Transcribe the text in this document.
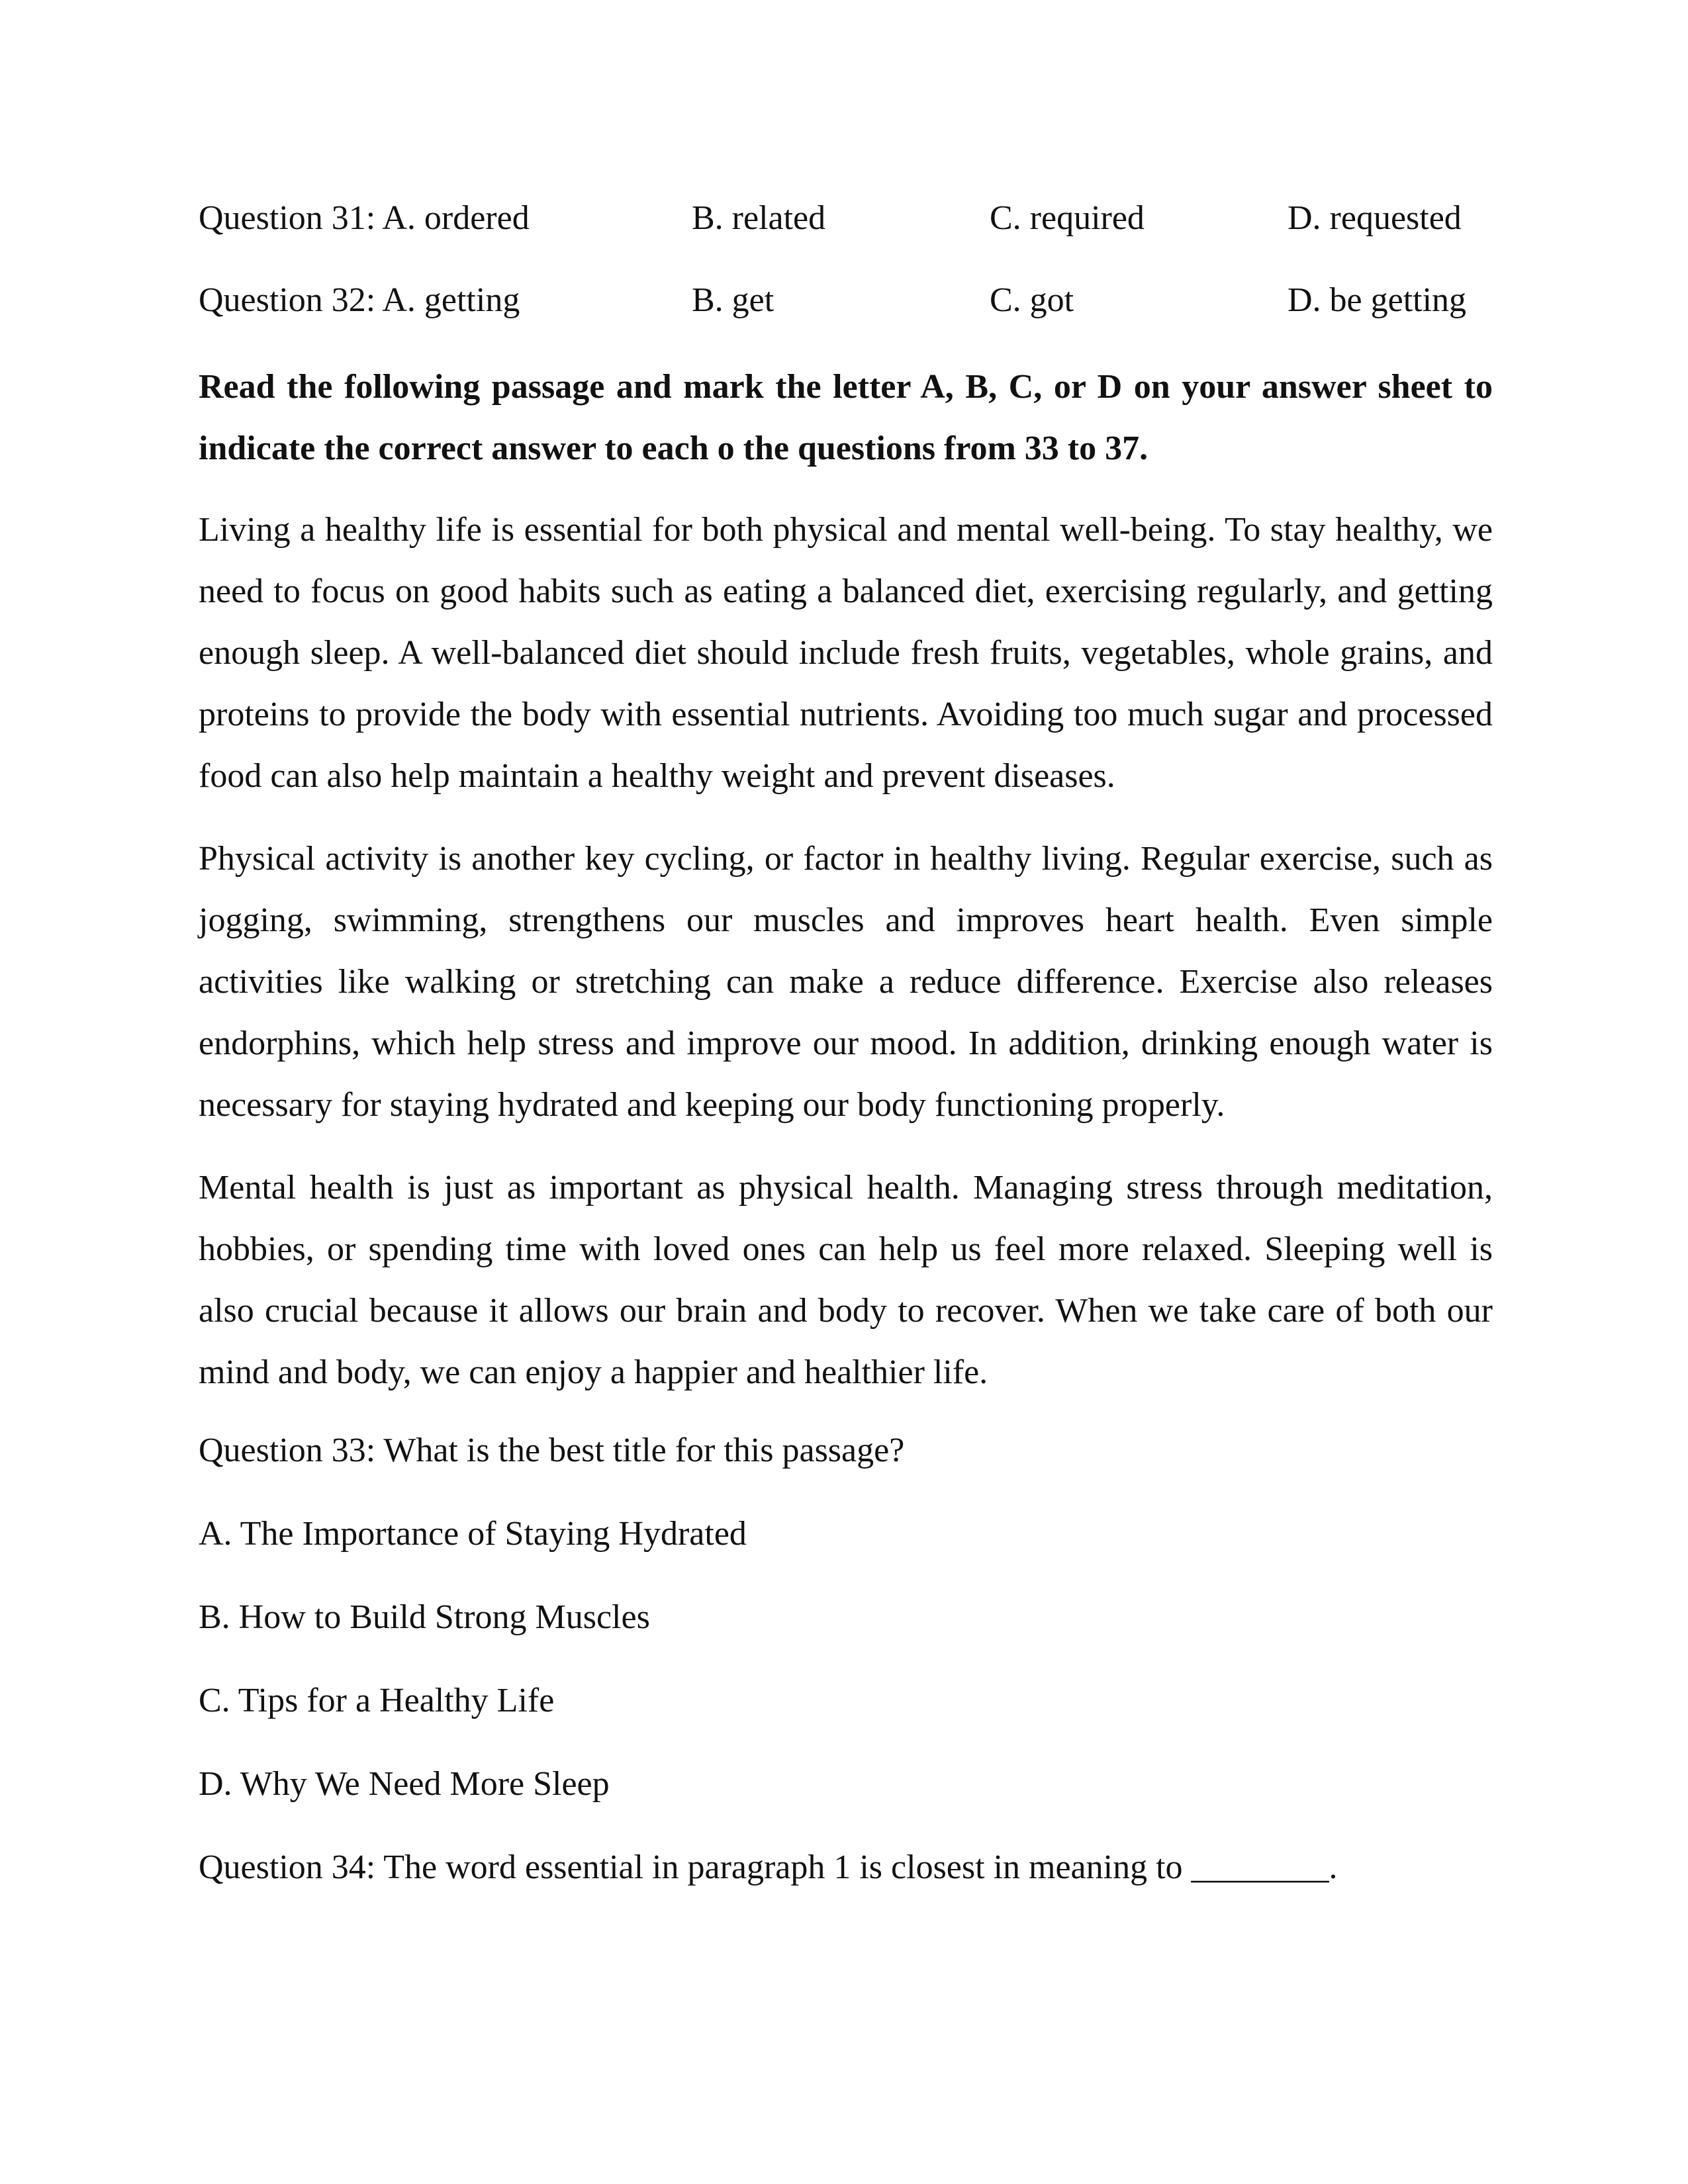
Question 31: A. ordered	B. related	C. required	D. requested
Question 32: A. getting	B. get	C. got	D. be getting

Read the following passage and mark the letter A, B, C, or D on your answer sheet to indicate the correct answer to each o the questions from 33 to 37.

Living a healthy life is essential for both physical and mental well-being. To stay healthy, we need to focus on good habits such as eating a balanced diet, exercising regularly, and getting enough sleep. A well-balanced diet should include fresh fruits, vegetables, whole grains, and proteins to provide the body with essential nutrients. Avoiding too much sugar and processed food can also help maintain a healthy weight and prevent diseases.

Physical activity is another key cycling, or factor in healthy living. Regular exercise, such as jogging, swimming, strengthens our muscles and improves heart health. Even simple activities like walking or stretching can make a reduce difference. Exercise also releases endorphins, which help stress and improve our mood. In addition, drinking enough water is necessary for staying hydrated and keeping our body functioning properly.

Mental health is just as important as physical health. Managing stress through meditation, hobbies, or spending time with loved ones can help us feel more relaxed. Sleeping well is also crucial because it allows our brain and body to recover. When we take care of both our mind and body, we can enjoy a happier and healthier life.

Question 33: What is the best title for this passage?
A. The Importance of Staying Hydrated
B. How to Build Strong Muscles
C. Tips for a Healthy Life
D. Why We Need More Sleep
Question 34: The word essential in paragraph 1 is closest in meaning to ________.
